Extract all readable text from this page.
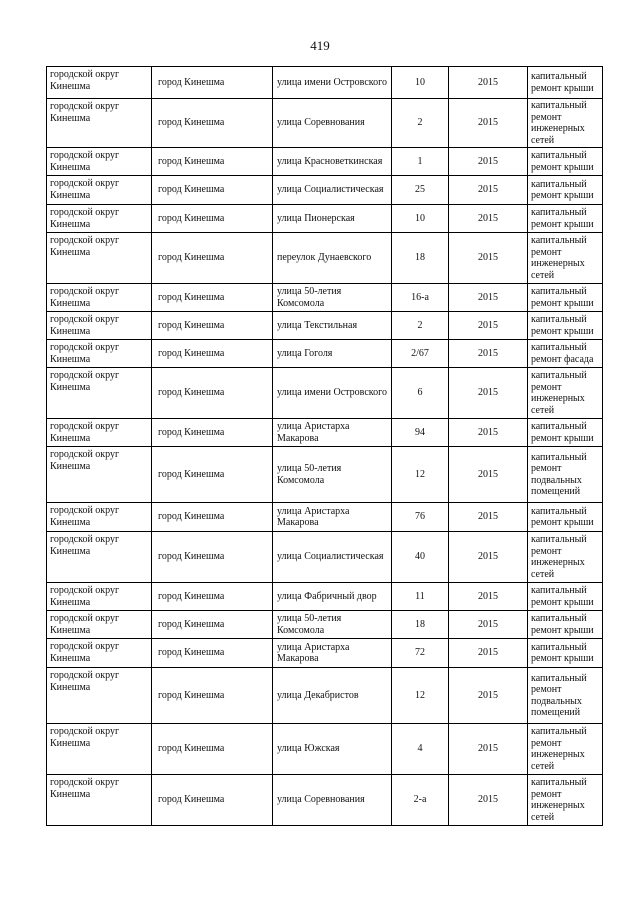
419
городской округ Кинешма	город Кинешма	улица имени Островского	10	2015	капитальный ремонт крыши
городской округ Кинешма	город Кинешма	улица Соревнования	2	2015	капитальный ремонт инженерных сетей
городской округ Кинешма	город Кинешма	улица Красноветкинская	1	2015	капитальный ремонт крыши
городской округ Кинешма	город Кинешма	улица Социалистическая	25	2015	капитальный ремонт крыши
городской округ Кинешма	город Кинешма	улица Пионерская	10	2015	капитальный ремонт крыши
городской округ Кинешма	город Кинешма	переулок Дунаевского	18	2015	капитальный ремонт инженерных сетей
городской округ Кинешма	город Кинешма	улица 50-летия Комсомола	16-а	2015	капитальный ремонт крыши
городской округ Кинешма	город Кинешма	улица Текстильная	2	2015	капитальный ремонт крыши
городской округ Кинешма	город Кинешма	улица Гоголя	2/67	2015	капитальный ремонт фасада
городской округ Кинешма	город Кинешма	улица имени Островского	6	2015	капитальный ремонт инженерных сетей
городской округ Кинешма	город Кинешма	улица Аристарха Макарова	94	2015	капитальный ремонт крыши
городской округ Кинешма	город Кинешма	улица 50-летия Комсомола	12	2015	капитальный ремонт подвальных помещений
городской округ Кинешма	город Кинешма	улица Аристарха Макарова	76	2015	капитальный ремонт крыши
городской округ Кинешма	город Кинешма	улица Социалистическая	40	2015	капитальный ремонт инженерных сетей
городской округ Кинешма	город Кинешма	улица Фабричный двор	11	2015	капитальный ремонт крыши
городской округ Кинешма	город Кинешма	улица 50-летия Комсомола	18	2015	капитальный ремонт крыши
городской округ Кинешма	город Кинешма	улица Аристарха Макарова	72	2015	капитальный ремонт крыши
городской округ Кинешма	город Кинешма	улица Декабристов	12	2015	капитальный ремонт подвальных помещений
городской округ Кинешма	город Кинешма	улица Южская	4	2015	капитальный ремонт инженерных сетей
городской округ Кинешма	город Кинешма	улица Соревнования	2-а	2015	капитальный ремонт инженерных сетей
